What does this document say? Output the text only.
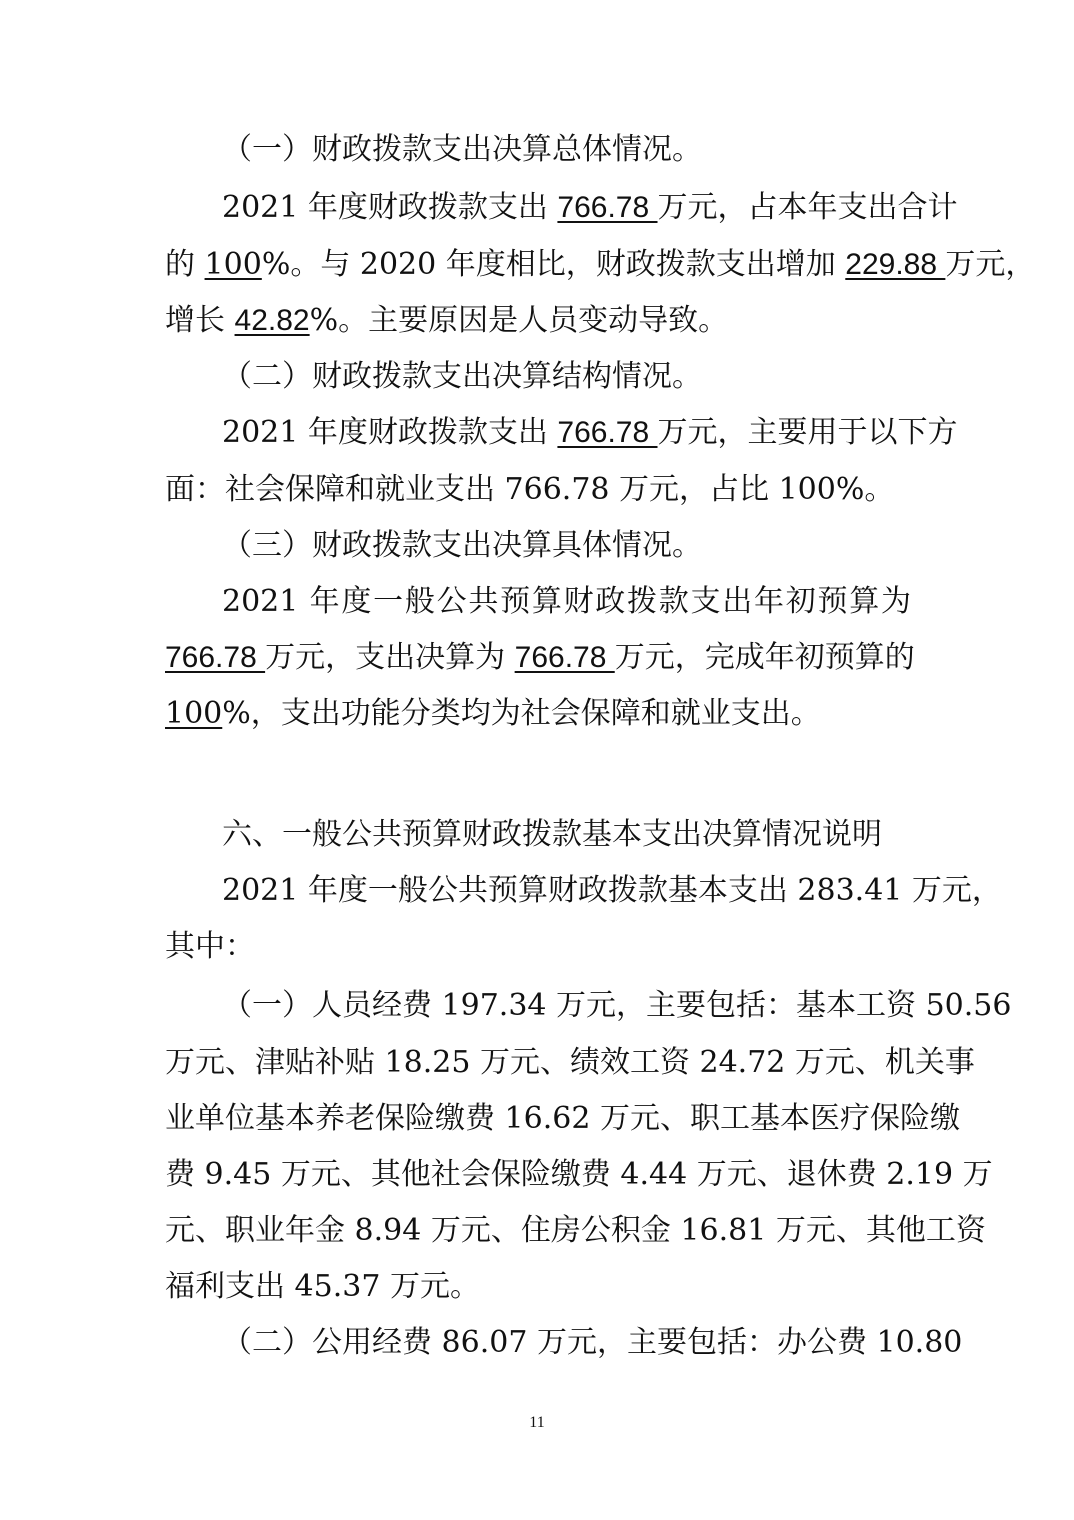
（一）财政拨款支出决算总体情况。
2021 年度财政拨款支出 766.78 万元，占本年支出合计
的 100%。与 2020 年度相比，财政拨款支出增加 229.88 万元，
增长 42.82%。主要原因是人员变动导致。
（二）财政拨款支出决算结构情况。
2021 年度财政拨款支出 766.78 万元，主要用于以下方
面：社会保障和就业支出 766.78 万元，占比 100%。
（三）财政拨款支出决算具体情况。
2021 年度一般公共预算财政拨款支出年初预算为
766.78 万元，支出决算为 766.78 万元，完成年初预算的
100%，支出功能分类均为社会保障和就业支出。
六、一般公共预算财政拨款基本支出决算情况说明
2021 年度一般公共预算财政拨款基本支出 283.41 万元，
其中：
（一）人员经费 197.34 万元，主要包括：基本工资 50.56
万元、津贴补贴 18.25 万元、绩效工资 24.72 万元、机关事
业单位基本养老保险缴费 16.62 万元、职工基本医疗保险缴
费 9.45 万元、其他社会保险缴费 4.44 万元、退休费 2.19 万
元、职业年金 8.94 万元、住房公积金 16.81 万元、其他工资
福利支出 45.37 万元。
（二）公用经费 86.07 万元，主要包括：办公费 10.80
11
